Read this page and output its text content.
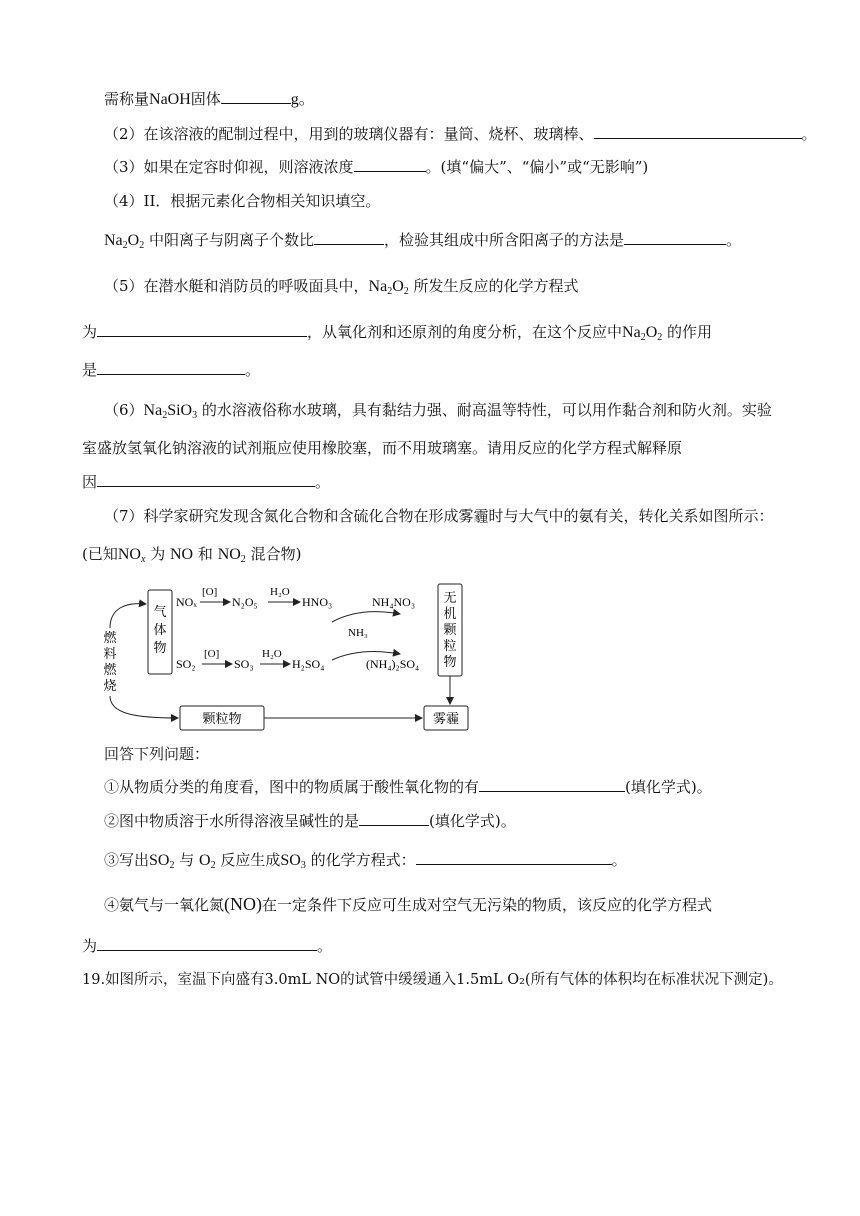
需称量NaOH固体	g。
（2）在该溶液的配制过程中，用到的玻璃仪器有：量筒、烧杯、玻璃棒、	。
（3）如果在定容时仰视，则溶液浓度	。(填“偏大”、“偏小”或“无影响”)
（4）II．根据元素化合物相关知识填空。
$Na_2O_2$ 中阳离子与阴离子个数比	，检验其组成中所含阳离子的方法是	。
（5）在潜水艇和消防员的呼吸面具中，$Na_2O_2$ 所发生反应的化学方程式
为	，从氧化剂和还原剂的角度分析，在这个反应中$Na_2O_2$ 的作用
是	。
$(6)Na_2SiO_3$ 的水溶液俗称水玻璃，具有黏结力强、耐高温等特性，可以用作黏合剂和防火剂。实验
室盛放氢氧化钠溶液的试剂瓶应使用橡胶塞，而不用玻璃塞。请用反应的化学方程式解释原
因	。
（7）科学家研究发现含氮化合物和含硫化合物在形成雾霾时与大气中的氨有关，转化关系如图所示：
(已知$NO_x$ 为 NO 和 $NO_2$ 混合物)
燃
料
燃
烧
气
体
物
NOₓ
[O]
N₂O₅
H₂O
HNO₃	NH₄NO₃
NH₃
SO₂
[O]
SO₃
H₂O
H₂SO₄	(NH₄)₂SO₄
无
机
颗
粒
物
颗粒物	雾霾
回答下列问题：
①从物质分类的角度看，图中的物质属于酸性氧化物的有	(填化学式)。
②图中物质溶于水所得溶液呈碱性的是	(填化学式)。
③写出$SO_2$ 与 $O_2$ 反应生成$SO_3$ 的化学方程式：	。
④氨气与一氧化氮(NO)在一定条件下反应可生成对空气无污染的物质，该反应的化学方程式
为	。
19.如图所示，室温下向盛有3.0mL NO的试管中缓缓通入1.5mL O₂(所有气体的体积均在标准状况下测定)。
